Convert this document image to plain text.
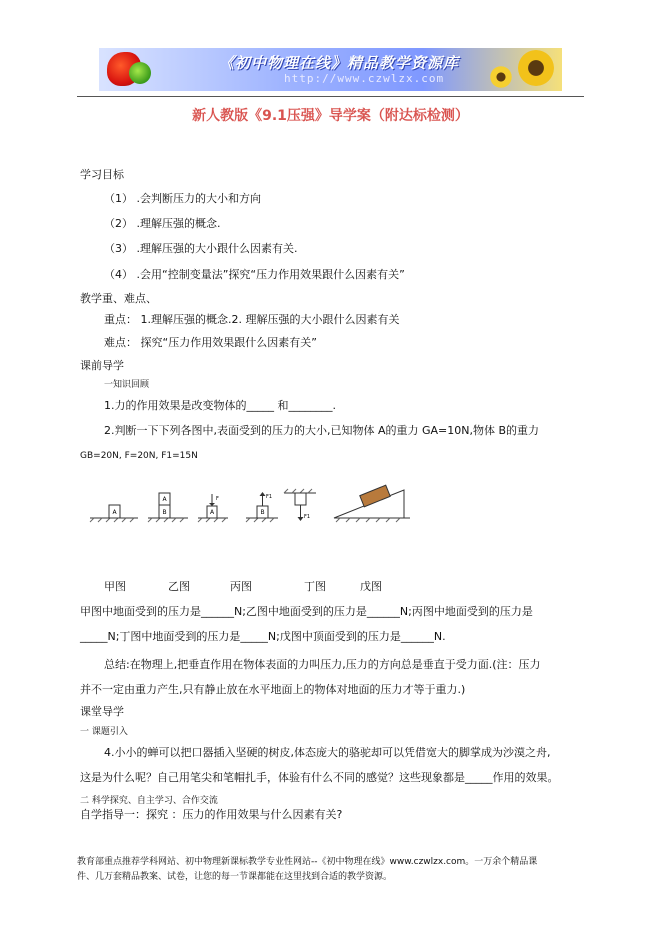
《初中物理在线》精品教学资源库
http://www.czwlzx.com
新人教版《9.1压强》导学案（附达标检测）
学习目标
（1） .会判断压力的大小和方向
（2） .理解压强的概念.
（3） .理解压强的大小跟什么因素有关.
（4） .会用“控制变量法”探究“压力作用效果跟什么因素有关”
教学重、难点、
重点： 1.理解压强的概念.2. 理解压强的大小跟什么因素有关
难点： 探究“压力作用效果跟什么因素有关”
课前导学
一知识回顾
1.力的作用效果是改变物体的_____ 和________.
2.判断一下下列各图中,表面受到的压力的大小,已知物体 A的重力 GA=10N,物体 B的重力
GB=20N, F=20N, F1=15N
A
A
B	A
F
B
F1
F1
甲图	乙图	丙图	丁图	戊图
甲图中地面受到的压力是______N;乙图中地面受到的压力是______N;丙图中地面受到的压力是
_____N;丁图中地面受到的压力是_____N;戊图中顶面受到的压力是______N.
总结:在物理上,把垂直作用在物体表面的力叫压力,压力的方向总是垂直于受力面.(注：压力
并不一定由重力产生,只有静止放在水平地面上的物体对地面的压力才等于重力.)
课堂导学
一 课题引入
4.小小的蝉可以把口器插入坚硬的树皮,体态庞大的骆驼却可以凭借宽大的脚掌成为沙漠之舟,
这是为什么呢？自己用笔尖和笔帽扎手，体验有什么不同的感觉？这些现象都是_____作用的效果。
二 科学探究、自主学习、合作交流
自学指导一：探究 ：压力的作用效果与什么因素有关?
教育部重点推荐学科网站、初中物理新课标教学专业性网站--《初中物理在线》www.czwlzx.com。一万余个精品课
件、几万套精品教案、试卷，让您的每一节课都能在这里找到合适的教学资源。
